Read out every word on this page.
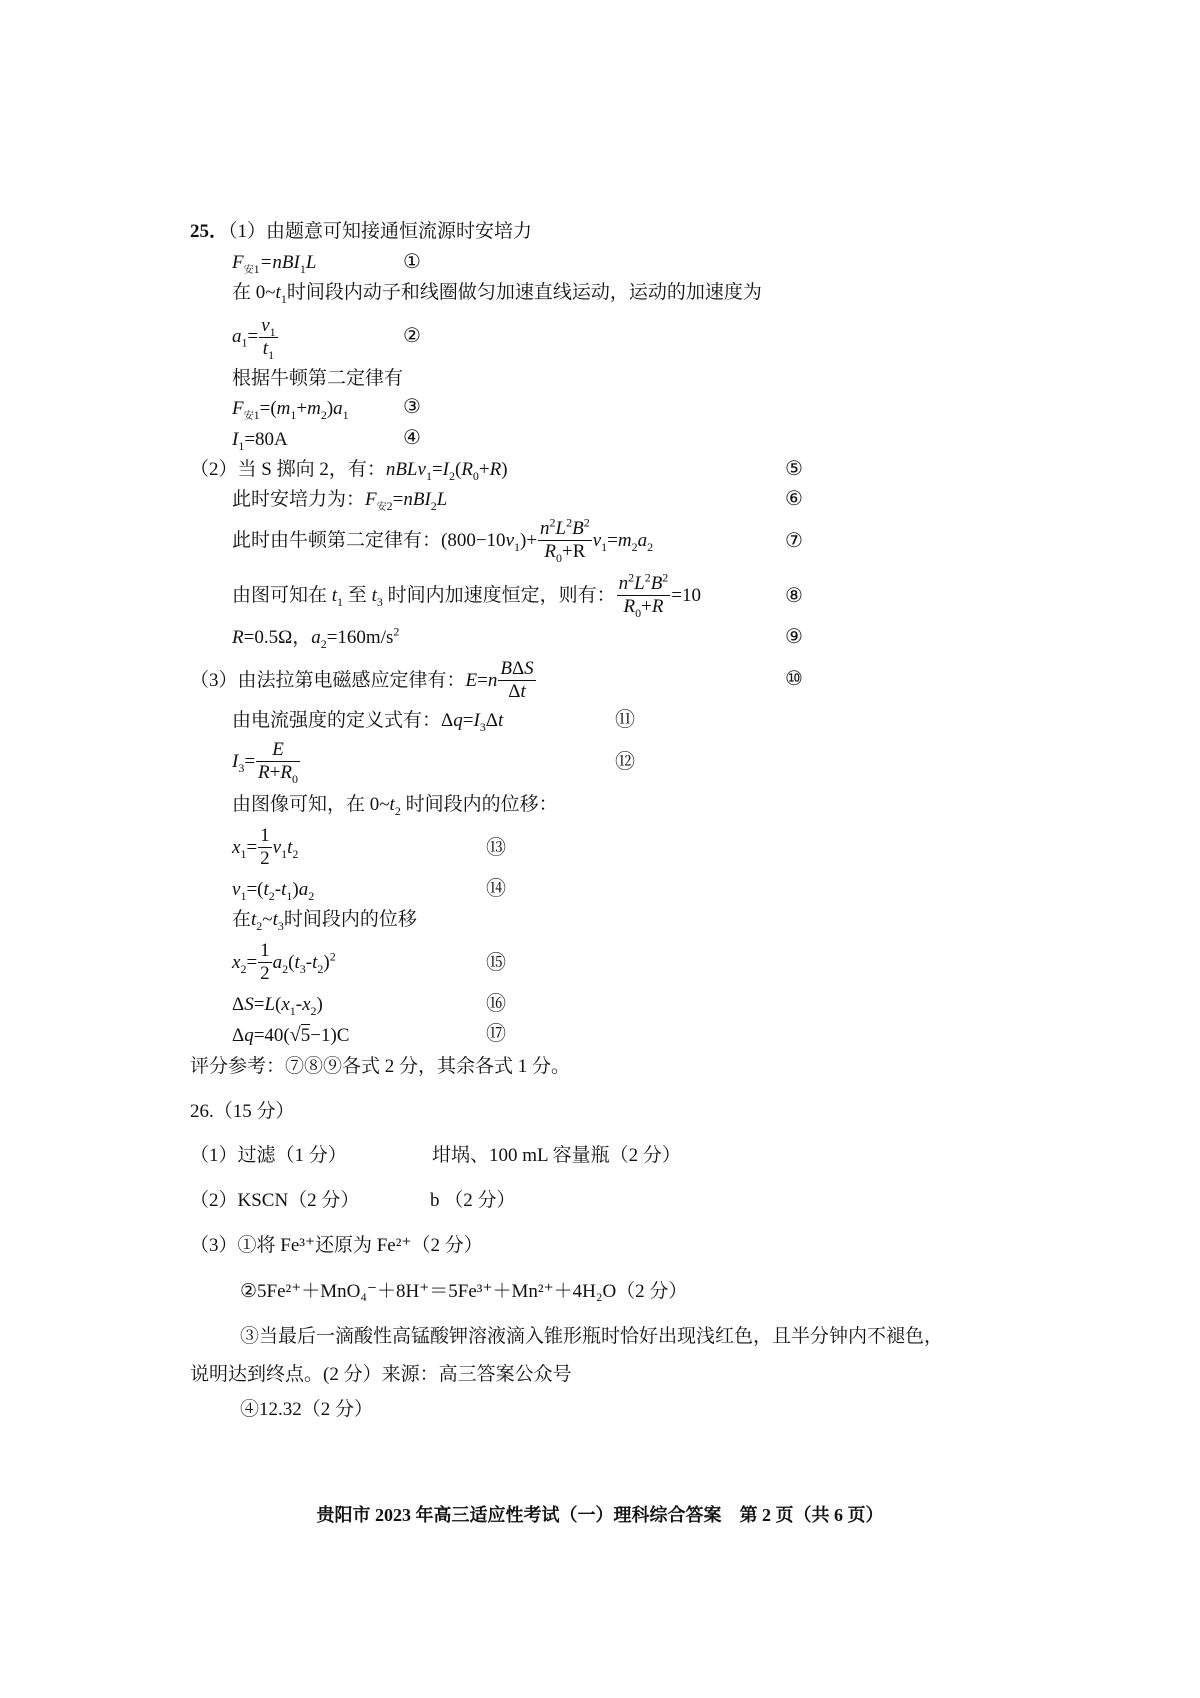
25．（1）由题意可知接通恒流源时安培力
$F_{安1}=nBI_1L$	①
在 $0\sim t_1$时间段内动子和线圈做匀加速直线运动，运动的加速度为
$a_1= \frac{v_1}{t_1}$	②
根据牛顿第二定律有
$F_{安1}=(m_1+m_2)a_1$	③
$I_1=80A$	④
（2）当 S 掷向 2，有：$nBLv_1=I_2(R_0+R)$	⑤
此时安培力为：$F_{安2}=nBI_2L$	⑥
此时由牛顿第二定律有：$(800-10v_1)+ \frac{n^2L^2B^2}{R_0+R} v_1=m_2a_2$	⑦
由图可知在 $t_1$ 至 $t_3$ 时间内加速度恒定，则有： $\frac{n^2L^2B^2}{R_0+R} =10$	⑧
R=0.5Ω，$a_2=160m/s^2$	⑨
（3）由法拉第电磁感应定律有：$E=n \frac{\text{BΔS}}{\Delta t}$	⑩
由电流强度的定义式有：$\Delta q=I_3\Delta t$	⑪
$I_3= \frac{E}{R+R_0}$	⑫
由图像可知，在 $0\sim t_2$ 时间段内的位移：
$x_1= \frac{1}{2} v_1t_2$	⑬
$v_1=(t_2-t_1)a_2$	⑭
在$t_2\sim t_3$时间段内的位移
$x_2= \frac{1}{2} a_2(t_3-t_2)^2$	⑮
$\Delta S=L(x_1-x_2)$	⑯
Δq=40(√5−1)C	⑰
评分参考：⑦⑧⑨各式 2 分，其余各式 1 分。
26.（15 分）
（1）过滤（1 分）	坩埚、100 mL 容量瓶（2 分）
（2）KSCN（2 分）	b （2 分）
（3）①将 Fe³⁺还原为 Fe²⁺（2 分）
②5Fe²⁺＋MnO₄⁻＋8H⁺＝5Fe³⁺＋Mn²⁺＋4H₂O（2 分）
③当最后一滴酸性高锰酸钾溶液滴入锥形瓶时恰好出现浅红色，且半分钟内不褪色，
说明达到终点。(2 分）来源：高三答案公众号
④12.32（2 分）
贵阳市 2023 年高三适应性考试（一）理科综合答案　第 2 页（共 6 页）
